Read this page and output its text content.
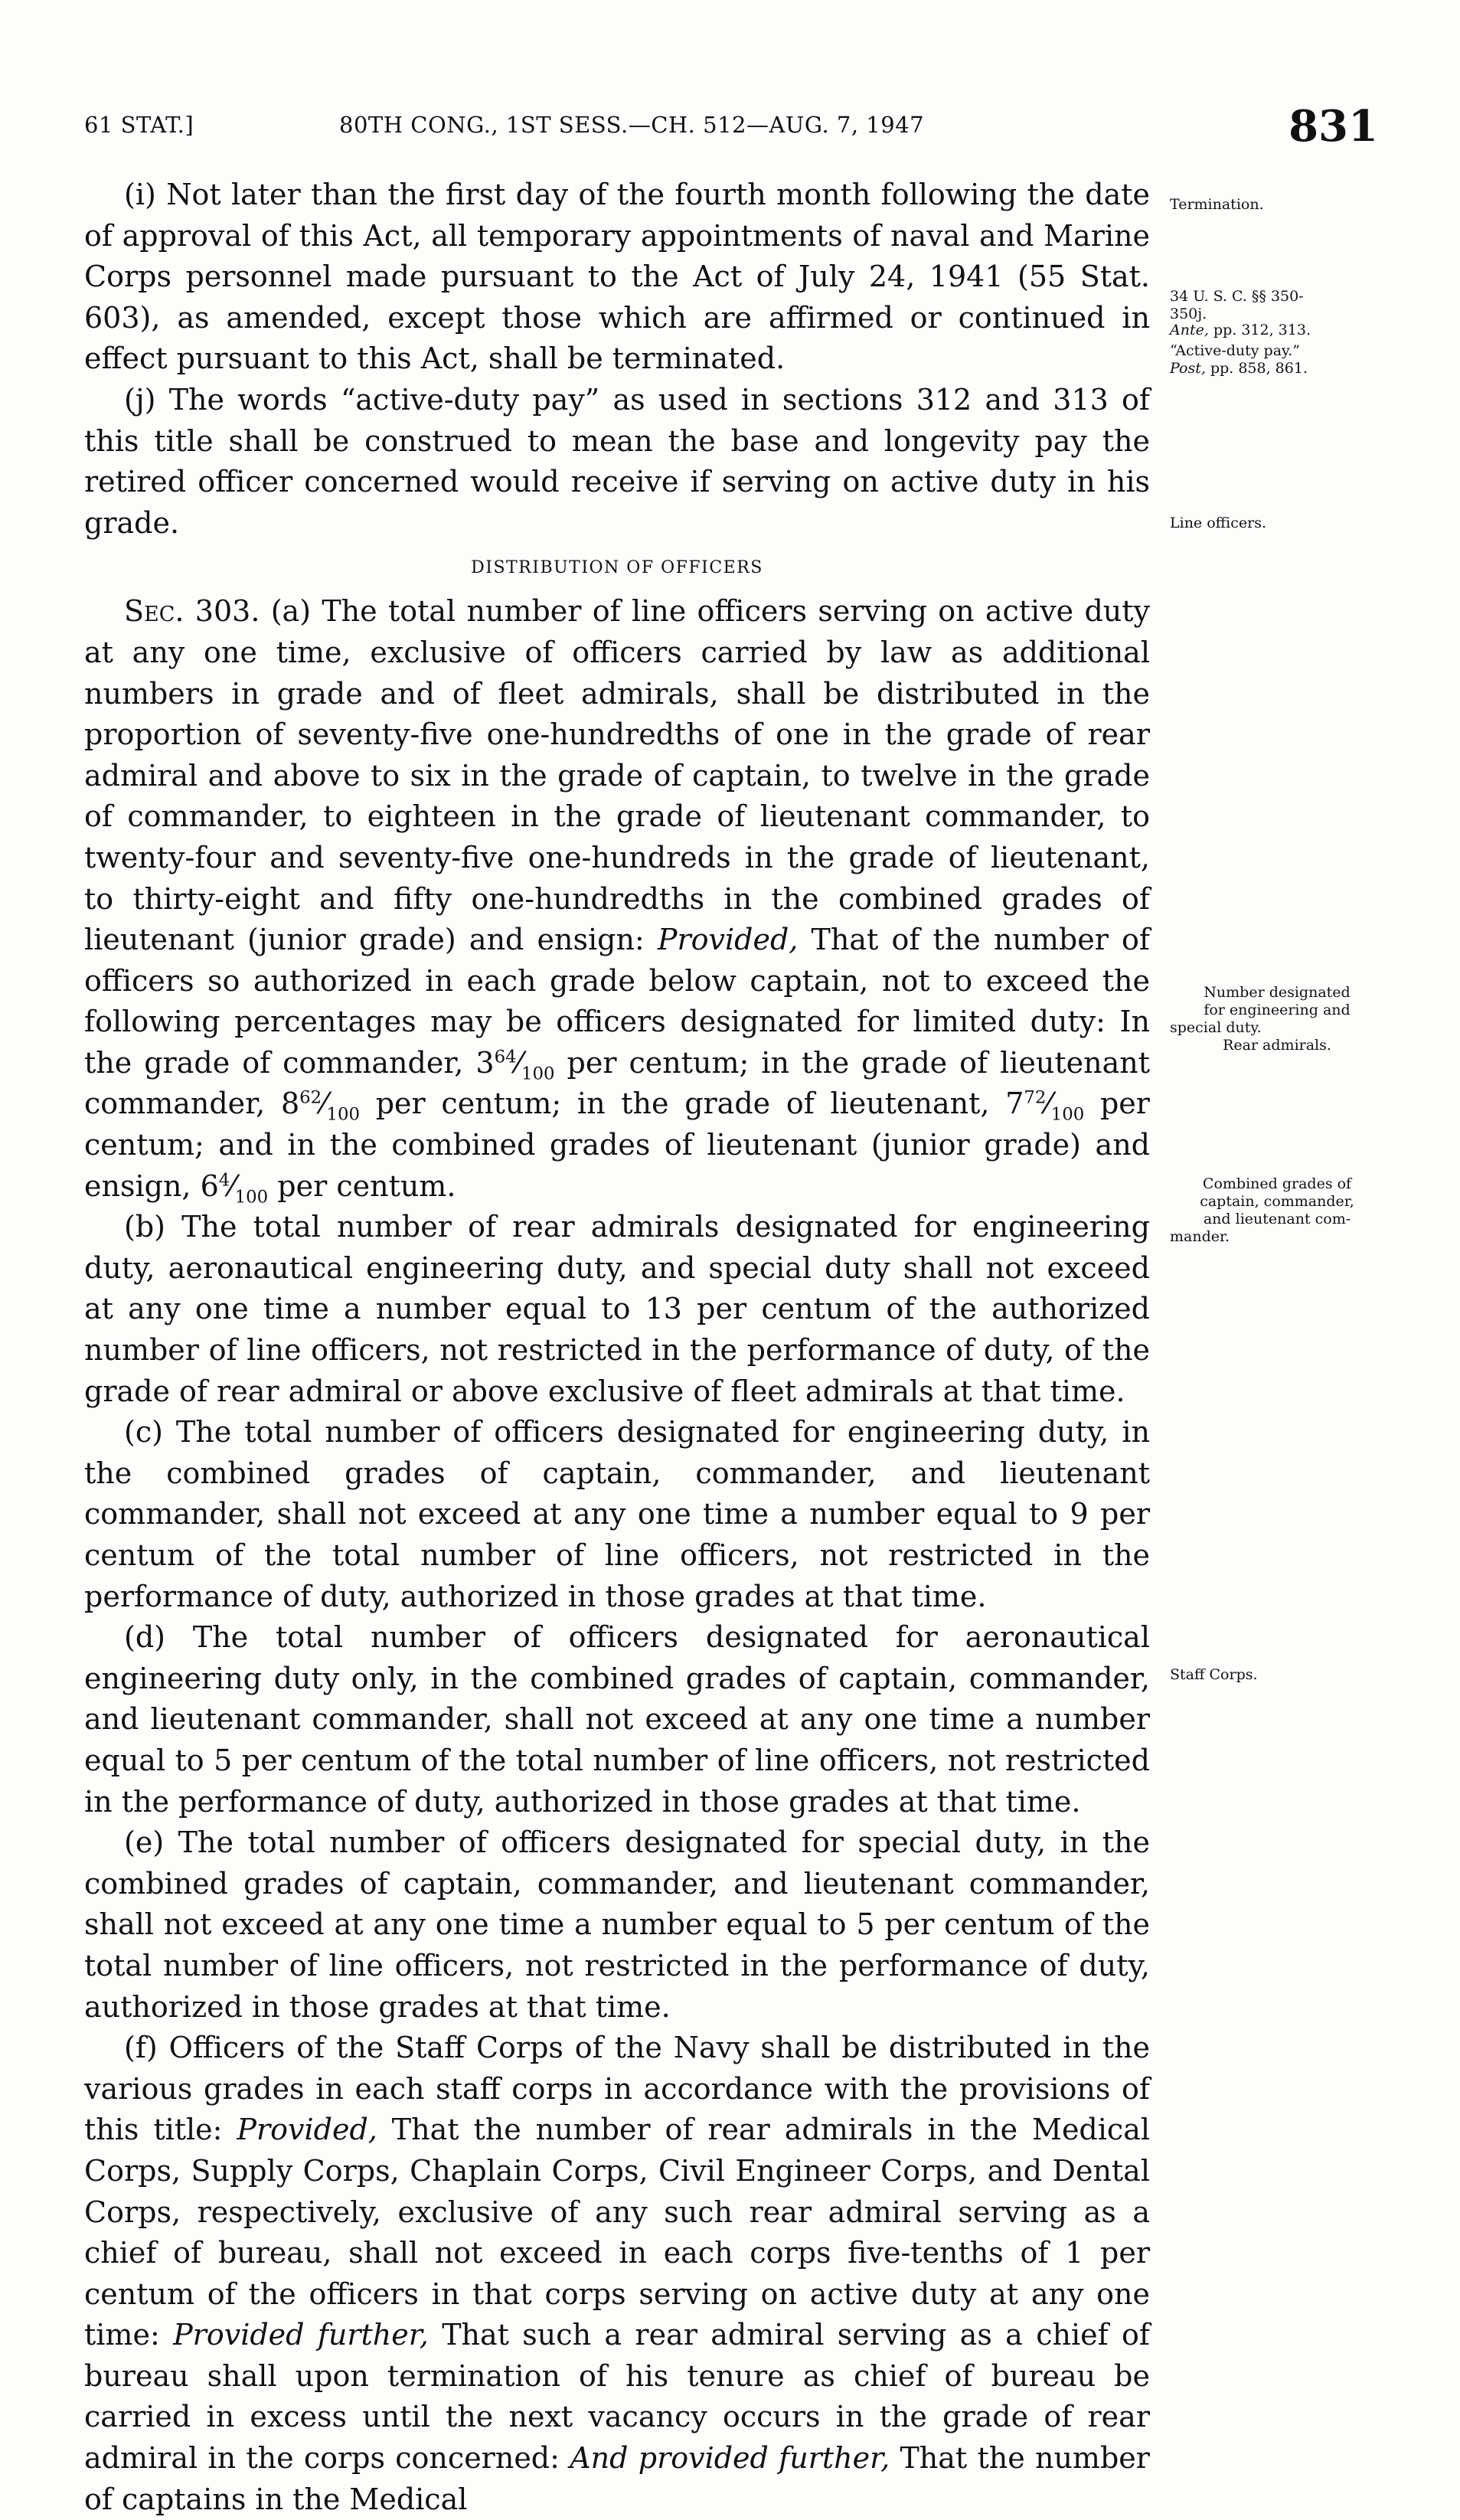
61 STAT.]	80TH CONG., 1ST SESS.—CH. 512—AUG. 7, 1947	831

(i) Not later than the first day of the fourth month following the date of approval of this Act, all temporary appointments of naval and Marine Corps personnel made pursuant to the Act of July 24, 1941 (55 Stat. 603), as amended, except those which are affirmed or continued in effect pursuant to this Act, shall be terminated.

(j) The words “active-duty pay” as used in sections 312 and 313 of this title shall be construed to mean the base and longevity pay the retired officer concerned would receive if serving on active duty in his grade.

DISTRIBUTION OF OFFICERS

Sec. 303. (a) The total number of line officers serving on active duty at any one time, exclusive of officers carried by law as additional numbers in grade and of fleet admirals, shall be distributed in the proportion of seventy-five one-hundredths of one in the grade of rear admiral and above to six in the grade of captain, to twelve in the grade of commander, to eighteen in the grade of lieutenant commander, to twenty-four and seventy-five one-hundreds in the grade of lieutenant, to thirty-eight and fifty one-hundredths in the combined grades of lieutenant (junior grade) and ensign: Provided, That of the number of officers so authorized in each grade below captain, not to exceed the following percentages may be officers designated for limited duty: In the grade of commander, $3^{64}⁄_{100}$ per centum; in the grade of lieutenant commander, $8^{62}⁄_{100}$ per centum; in the grade of lieutenant, $7^{72}⁄_{100}$ per centum; and in the combined grades of lieutenant (junior grade) and ensign, $6^4⁄_{100}$ per centum.

(b) The total number of rear admirals designated for engineering duty, aeronautical engineering duty, and special duty shall not exceed at any one time a number equal to 13 per centum of the authorized number of line officers, not restricted in the performance of duty, of the grade of rear admiral or above exclusive of fleet admirals at that time.

(c) The total number of officers designated for engineering duty, in the combined grades of captain, commander, and lieutenant commander, shall not exceed at any one time a number equal to 9 per centum of the total number of line officers, not restricted in the performance of duty, authorized in those grades at that time.

(d) The total number of officers designated for aeronautical engineering duty only, in the combined grades of captain, commander, and lieutenant commander, shall not exceed at any one time a number equal to 5 per centum of the total number of line officers, not restricted in the performance of duty, authorized in those grades at that time.

(e) The total number of officers designated for special duty, in the combined grades of captain, commander, and lieutenant commander, shall not exceed at any one time a number equal to 5 per centum of the total number of line officers, not restricted in the performance of duty, authorized in those grades at that time.

(f) Officers of the Staff Corps of the Navy shall be distributed in the various grades in each staff corps in accordance with the provisions of this title: Provided, That the number of rear admirals in the Medical Corps, Supply Corps, Chaplain Corps, Civil Engineer Corps, and Dental Corps, respectively, exclusive of any such rear admiral serving as a chief of bureau, shall not exceed in each corps five-tenths of 1 per centum of the officers in that corps serving on active duty at any one time: Provided further, That such a rear admiral serving as a chief of bureau shall upon termination of his tenure as chief of bureau be carried in excess until the next vacancy occurs in the grade of rear admiral in the corps concerned: And provided further, That the number of captains in the Medical

Termination.
34 U. S. C. §§ 350-
350j.
Ante, pp. 312, 313.
“Active-duty pay.”
Post, pp. 858, 861.
Line officers.
Number designated
for engineering and
special duty.
Rear admirals.
Combined grades of
captain, commander,
and lieutenant com-
mander.
Staff Corps.
